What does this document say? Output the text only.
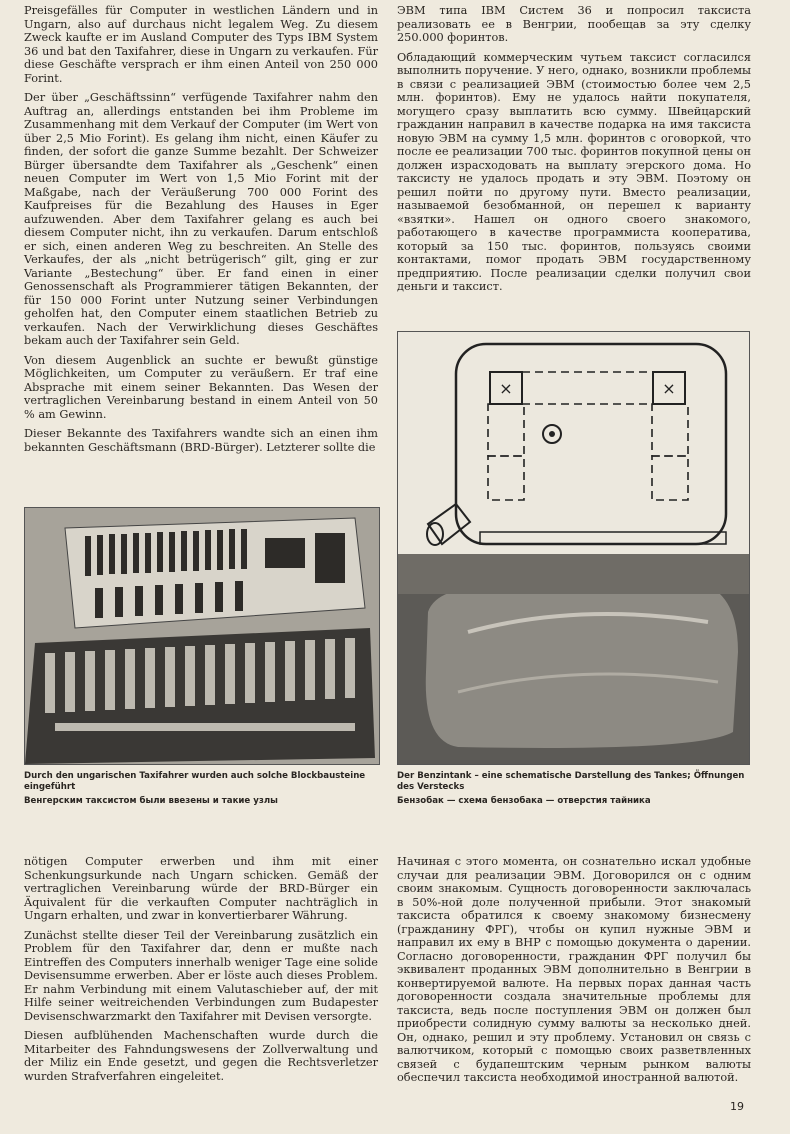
Preisgefälles für Computer in westlichen Ländern und in Ungarn, also auf durchaus nicht legalem Weg. Zu diesem Zweck kaufte er im Ausland Computer des Typs IBM System 36 und bat den Taxifahrer, diese in Ungarn zu verkaufen. Für diese Geschäfte versprach er ihm einen Anteil von 250 000 Forint.

Der über „Geschäftssinn“ verfügende Taxifahrer nahm den Auftrag an, allerdings entstanden bei ihm Probleme im Zusammenhang mit dem Verkauf der Computer (im Wert von über 2,5 Mio Forint). Es gelang ihm nicht, einen Käufer zu finden, der sofort die ganze Summe bezahlt. Der Schweizer Bürger übersandte dem Taxifahrer als „Geschenk“ einen neuen Computer im Wert von 1,5 Mio Forint mit der Maßgabe, nach der Veräußerung 700 000 Forint des Kaufpreises für die Bezahlung des Hauses in Eger aufzuwenden. Aber dem Taxifahrer gelang es auch bei diesem Computer nicht, ihn zu verkaufen. Darum entschloß er sich, einen anderen Weg zu beschreiten. An Stelle des Verkaufes, der als „nicht betrügerisch“ gilt, ging er zur Variante „Bestechung“ über. Er fand einen in einer Genossenschaft als Programmierer tätigen Bekannten, der für 150 000 Forint unter Nutzung seiner Verbindungen geholfen hat, den Computer einem staatlichen Betrieb zu verkaufen. Nach der Verwirklichung dieses Geschäftes bekam auch der Taxifahrer sein Geld.

Von diesem Augenblick an suchte er bewußt günstige Möglichkeiten, um Computer zu veräußern. Er traf eine Absprache mit einem seiner Bekannten. Das Wesen der vertraglichen Vereinbarung bestand in einem Anteil von 50 % am Gewinn.

Dieser Bekannte des Taxifahrers wandte sich an einen ihm bekannten Geschäftsmann (BRD-Bürger). Letzterer sollte die

ЭВМ типа IBM Систем 36 и попросил таксиста реализовать ее в Венгрии, пообещав за эту сделку 250.000 форинтов.

Обладающий коммерческим чутьем таксист согласился выполнить поручение. У него, однако, возникли проблемы в связи с реализацией ЭВМ (стоимостью более чем 2,5 млн. форинтов). Ему не удалось найти покупателя, могущего сразу выплатить всю сумму. Швейцарский гражданин направил в качестве подарка на имя таксиста новую ЭВМ на сумму 1,5 млн. форинтов с оговоркой, что после ее реализации 700 тыс. форинтов покупной цены он должен израсходовать на выплату эгерского дома. Но таксисту не удалось продать и эту ЭВМ. Поэтому он решил пойти по другому пути. Вместо реализации, называемой безобманной, он перешел к варианту «взятки». Нашел он одного своего знакомого, работающего в качестве программиста кооператива, который за 150 тыс. форинтов, пользуясь своими контактами, помог продать ЭВМ государственному предприятию. После реализации сделки получил свои деньги и таксист.

×	×
Durch den ungarischen Taxifahrer wurden auch solche Blockbausteine eingeführt
Венгерским таксистом были ввезены и такие узлы
Der Benzintank – eine schematische Darstellung des Tankes; Öffnungen des Verstecks
Бензобак — схема бензобака — отверстия тайника

nötigen Computer erwerben und ihm mit einer Schenkungsurkunde nach Ungarn schicken. Gemäß der vertraglichen Vereinbarung würde der BRD-Bürger ein Äquivalent für die verkauften Computer nachträglich in Ungarn erhalten, und zwar in konvertierbarer Währung.

Zunächst stellte dieser Teil der Vereinbarung zusätzlich ein Problem für den Taxifahrer dar, denn er mußte nach Eintreffen des Computers innerhalb weniger Tage eine solide Devisensumme erwerben. Aber er löste auch dieses Problem. Er nahm Verbindung mit einem Valutaschieber auf, der mit Hilfe seiner weitreichenden Verbindungen zum Budapester Devisenschwarzmarkt den Taxifahrer mit Devisen versorgte.

Diesen aufblühenden Machenschaften wurde durch die Mitarbeiter des Fahndungswesens der Zollverwaltung und der Miliz ein Ende gesetzt, und gegen die Rechtsverletzer wurden Strafverfahren eingeleitet.

Начиная с этого момента, он сознательно искал удобные случаи для реализации ЭВМ. Договорился он с одним своим знакомым. Сущность договоренности заключалась в 50%-ной доле полученной прибыли. Этот знакомый таксиста обратился к своему знакомому бизнесмену (гражданину ФРГ), чтобы он купил нужные ЭВМ и направил их ему в ВНР с помощью документа о дарении. Согласно договоренности, гражданин ФРГ получил бы эквивалент проданных ЭВМ дополнительно в Венгрии в конвертируемой валюте. На первых порах данная часть договоренности создала значительные проблемы для таксиста, ведь после поступления ЭВМ он должен был приобрести солидную сумму валюты за несколько дней. Он, однако, решил и эту проблему. Установил он связь с валютчиком, который с помощью своих разветвленных связей с будапештским черным рынком валюты обеспечил таксиста необходимой иностранной валютой.

19
